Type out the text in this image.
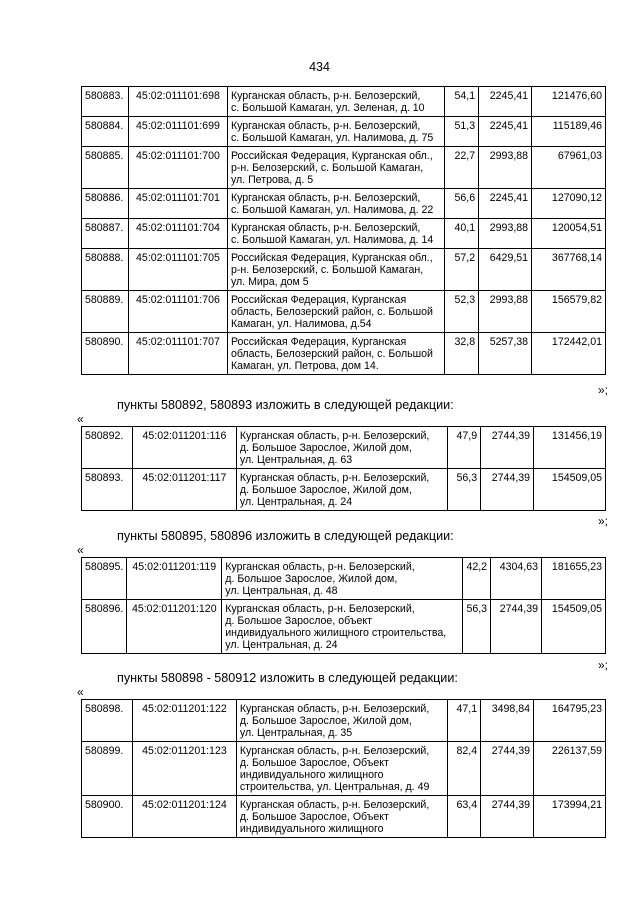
434
580883.	45:02:011101:698	Курганская область, р-н. Белозерский,
с. Большой Камаган, ул. Зеленая, д. 10	54,1	2245,41	121476,60
580884.	45:02:011101:699	Курганская область, р-н. Белозерский,
с. Большой Камаган, ул. Налимова, д. 75	51,3	2245,41	115189,46
580885.	45:02:011101:700	Российская Федерация, Курганская обл.,
р-н. Белозерский, с. Большой Камаган,
ул. Петрова, д. 5	22,7	2993,88	67961,03
580886.	45:02:011101:701	Курганская область, р-н. Белозерский,
с. Большой Камаган, ул. Налимова, д. 22	56,6	2245,41	127090,12
580887.	45:02:011101:704	Курганская область, р-н. Белозерский,
с. Большой Камаган, ул. Налимова, д. 14	40,1	2993,88	120054,51
580888.	45:02:011101:705	Российская Федерация, Курганская обл.,
р-н. Белозерский, с. Большой Камаган,
ул. Мира, дом 5	57,2	6429,51	367768,14
580889.	45:02:011101:706	Российская Федерация, Курганская
область, Белозерский район, с. Большой
Камаган, ул. Налимова, д.54	52,3	2993,88	156579,82
580890.	45:02:011101:707	Российская Федерация, Курганская
область, Белозерский район, с. Большой
Камаган, ул. Петрова, дом 14.	32,8	5257,38	172442,01
»;
пункты 580892, 580893 изложить в следующей редакции:
«
580892.	45:02:011201:116	Курганская область, р-н. Белозерский,
д. Большое Зарослое, Жилой дом,
ул. Центральная, д. 63	47,9	2744,39	131456,19
580893.	45:02:011201:117	Курганская область, р-н. Белозерский,
д. Большое Зарослое, Жилой дом,
ул. Центральная, д. 24	56,3	2744,39	154509,05
»;
пункты 580895, 580896 изложить в следующей редакции:
«
580895.	45:02:011201:119	Курганская область, р-н. Белозерский,
д. Большое Зарослое, Жилой дом,
ул. Центральная, д. 48	42,2	4304,63	181655,23
580896.	45:02:011201:120	Курганская область, р-н. Белозерский,
д. Большое Зарослое, объект
индивидуального жилищного строительства,
ул. Центральная, д. 24	56,3	2744,39	154509,05
»;
пункты 580898 - 580912 изложить в следующей редакции:
«
580898.	45:02:011201:122	Курганская область, р-н. Белозерский,
д. Большое Зарослое, Жилой дом,
ул. Центральная, д. 35	47,1	3498,84	164795,23
580899.	45:02:011201:123	Курганская область, р-н. Белозерский,
д. Большое Зарослое, Объект
индивидуального жилищного
строительства, ул. Центральная, д. 49	82,4	2744,39	226137,59
580900.	45:02:011201:124	Курганская область, р-н. Белозерский,
д. Большое Зарослое, Объект
индивидуального жилищного	63,4	2744,39	173994,21
